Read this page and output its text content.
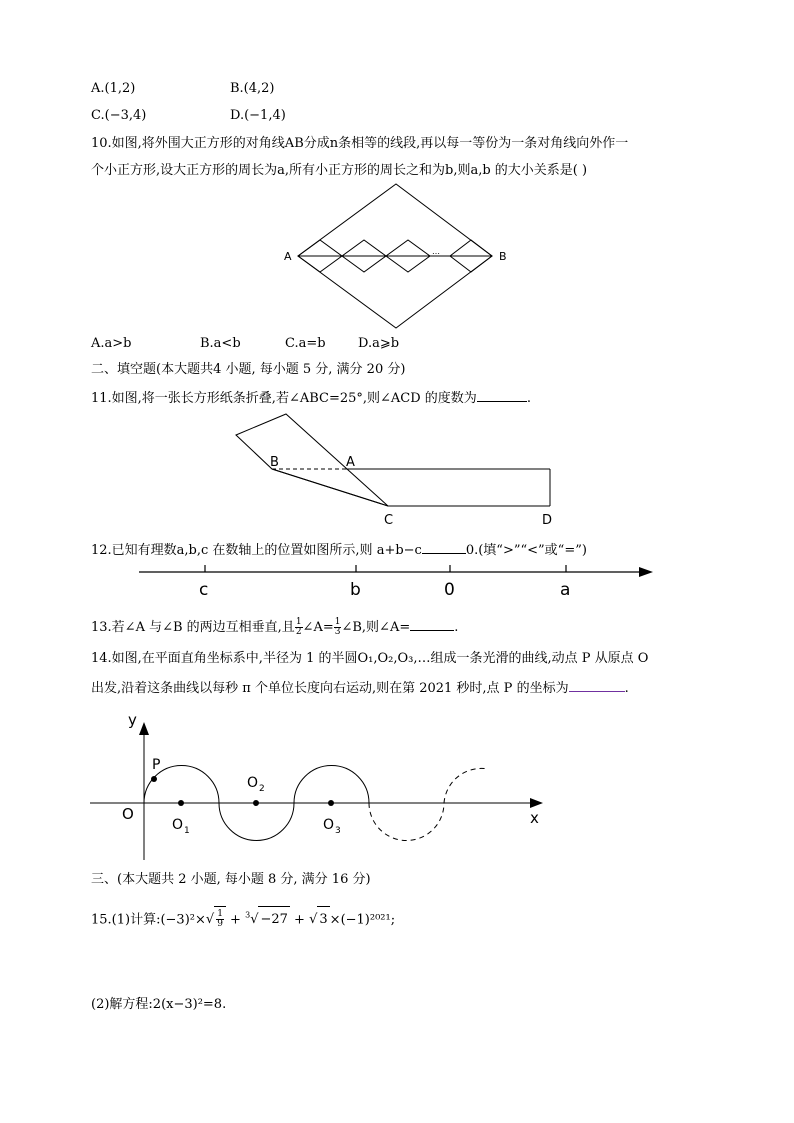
A.(1,2)	B.(4,2)
C.(−3,4)	D.(−1,4)
10.如图,将外围大正方形的对角线AB分成n条相等的线段,再以每一等份为一条对角线向外作一
个小正方形,设大正方形的周长为a,所有小正方形的周长之和为b,则a,b 的大小关系是( )
A	B
…
A.a>b	B.a<b	C.a=b D.a⩾b
二、填空题(本大题共4 小题, 每小题 5 分, 满分 20 分)
11.如图,将一张长方形纸条折叠,若∠ABC=25°,则∠ACD 的度数为	.
B	A
C	D
12.已知有理数a,b,c 在数轴上的位置如图所示,则 a+b−c	0.(填“>”“<”或“=”)
c	b	0	a
13.若∠A 与∠B 的两边互相垂直,且 $\frac{1}{2}$ ∠A= $\frac{1}{3}$ ∠B,则∠A=	.
14.如图,在平面直角坐标系中,半径为 1 的半圆O₁,O₂,O₃,…组成一条光滑的曲线,动点 P 从原点 O
出发,沿着这条曲线以每秒 π 个单位长度向右运动,则在第 2021 秒时,点 P 的坐标为	.
y
x
O
P
O 1
O 2
O 3
三、(本大题共 2 小题, 每小题 8 分, 满分 16 分)
15.(1)计算:(−3)²×√ $\frac{1}{9} + ^3√ -27$ + √ 3 ×(−1)²⁰²¹;
(2)解方程:2(x−3)²=8.
